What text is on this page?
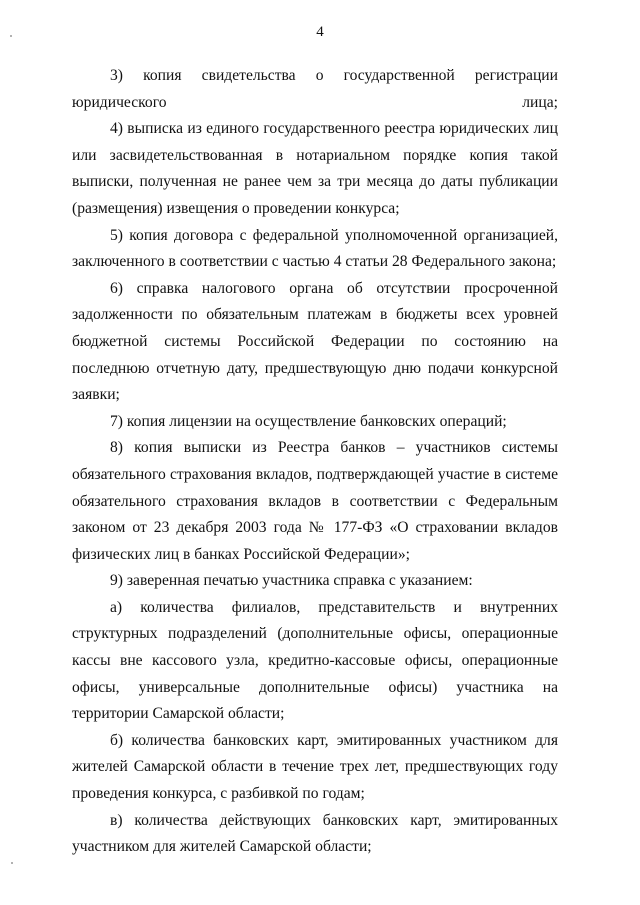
4

3) копия свидетельства о государственной регистрации юридического лица;

4) выписка из единого государственного реестра юридических лиц или засвидетельствованная в нотариальном порядке копия такой выписки, полученная не ранее чем за три месяца до даты публикации (размещения) извещения о проведении конкурса;

5) копия договора с федеральной уполномоченной организацией, заключенного в соответствии с частью 4 статьи 28 Федерального закона;

6) справка налогового органа об отсутствии просроченной задолженности по обязательным платежам в бюджеты всех уровней бюджетной системы Российской Федерации по состоянию на последнюю отчетную дату, предшествующую дню подачи конкурсной заявки;

7) копия лицензии на осуществление банковских операций;

8) копия выписки из Реестра банков – участников системы обязательного страхования вкладов, подтверждающей участие в системе обязательного страхования вкладов в соответствии с Федеральным законом от 23 декабря 2003 года № 177-ФЗ «О страховании вкладов физических лиц в банках Российской Федерации»;

9) заверенная печатью участника справка с указанием:

а) количества филиалов, представительств и внутренних структурных подразделений (дополнительные офисы, операционные кассы вне кассового узла, кредитно-кассовые офисы, операционные офисы, универсальные дополнительные офисы) участника на территории Самарской области;

б) количества банковских карт, эмитированных участником для жителей Самарской области в течение трех лет, предшествующих году проведения конкурса, с разбивкой по годам;

в) количества действующих банковских карт, эмитированных участником для жителей Самарской области;
